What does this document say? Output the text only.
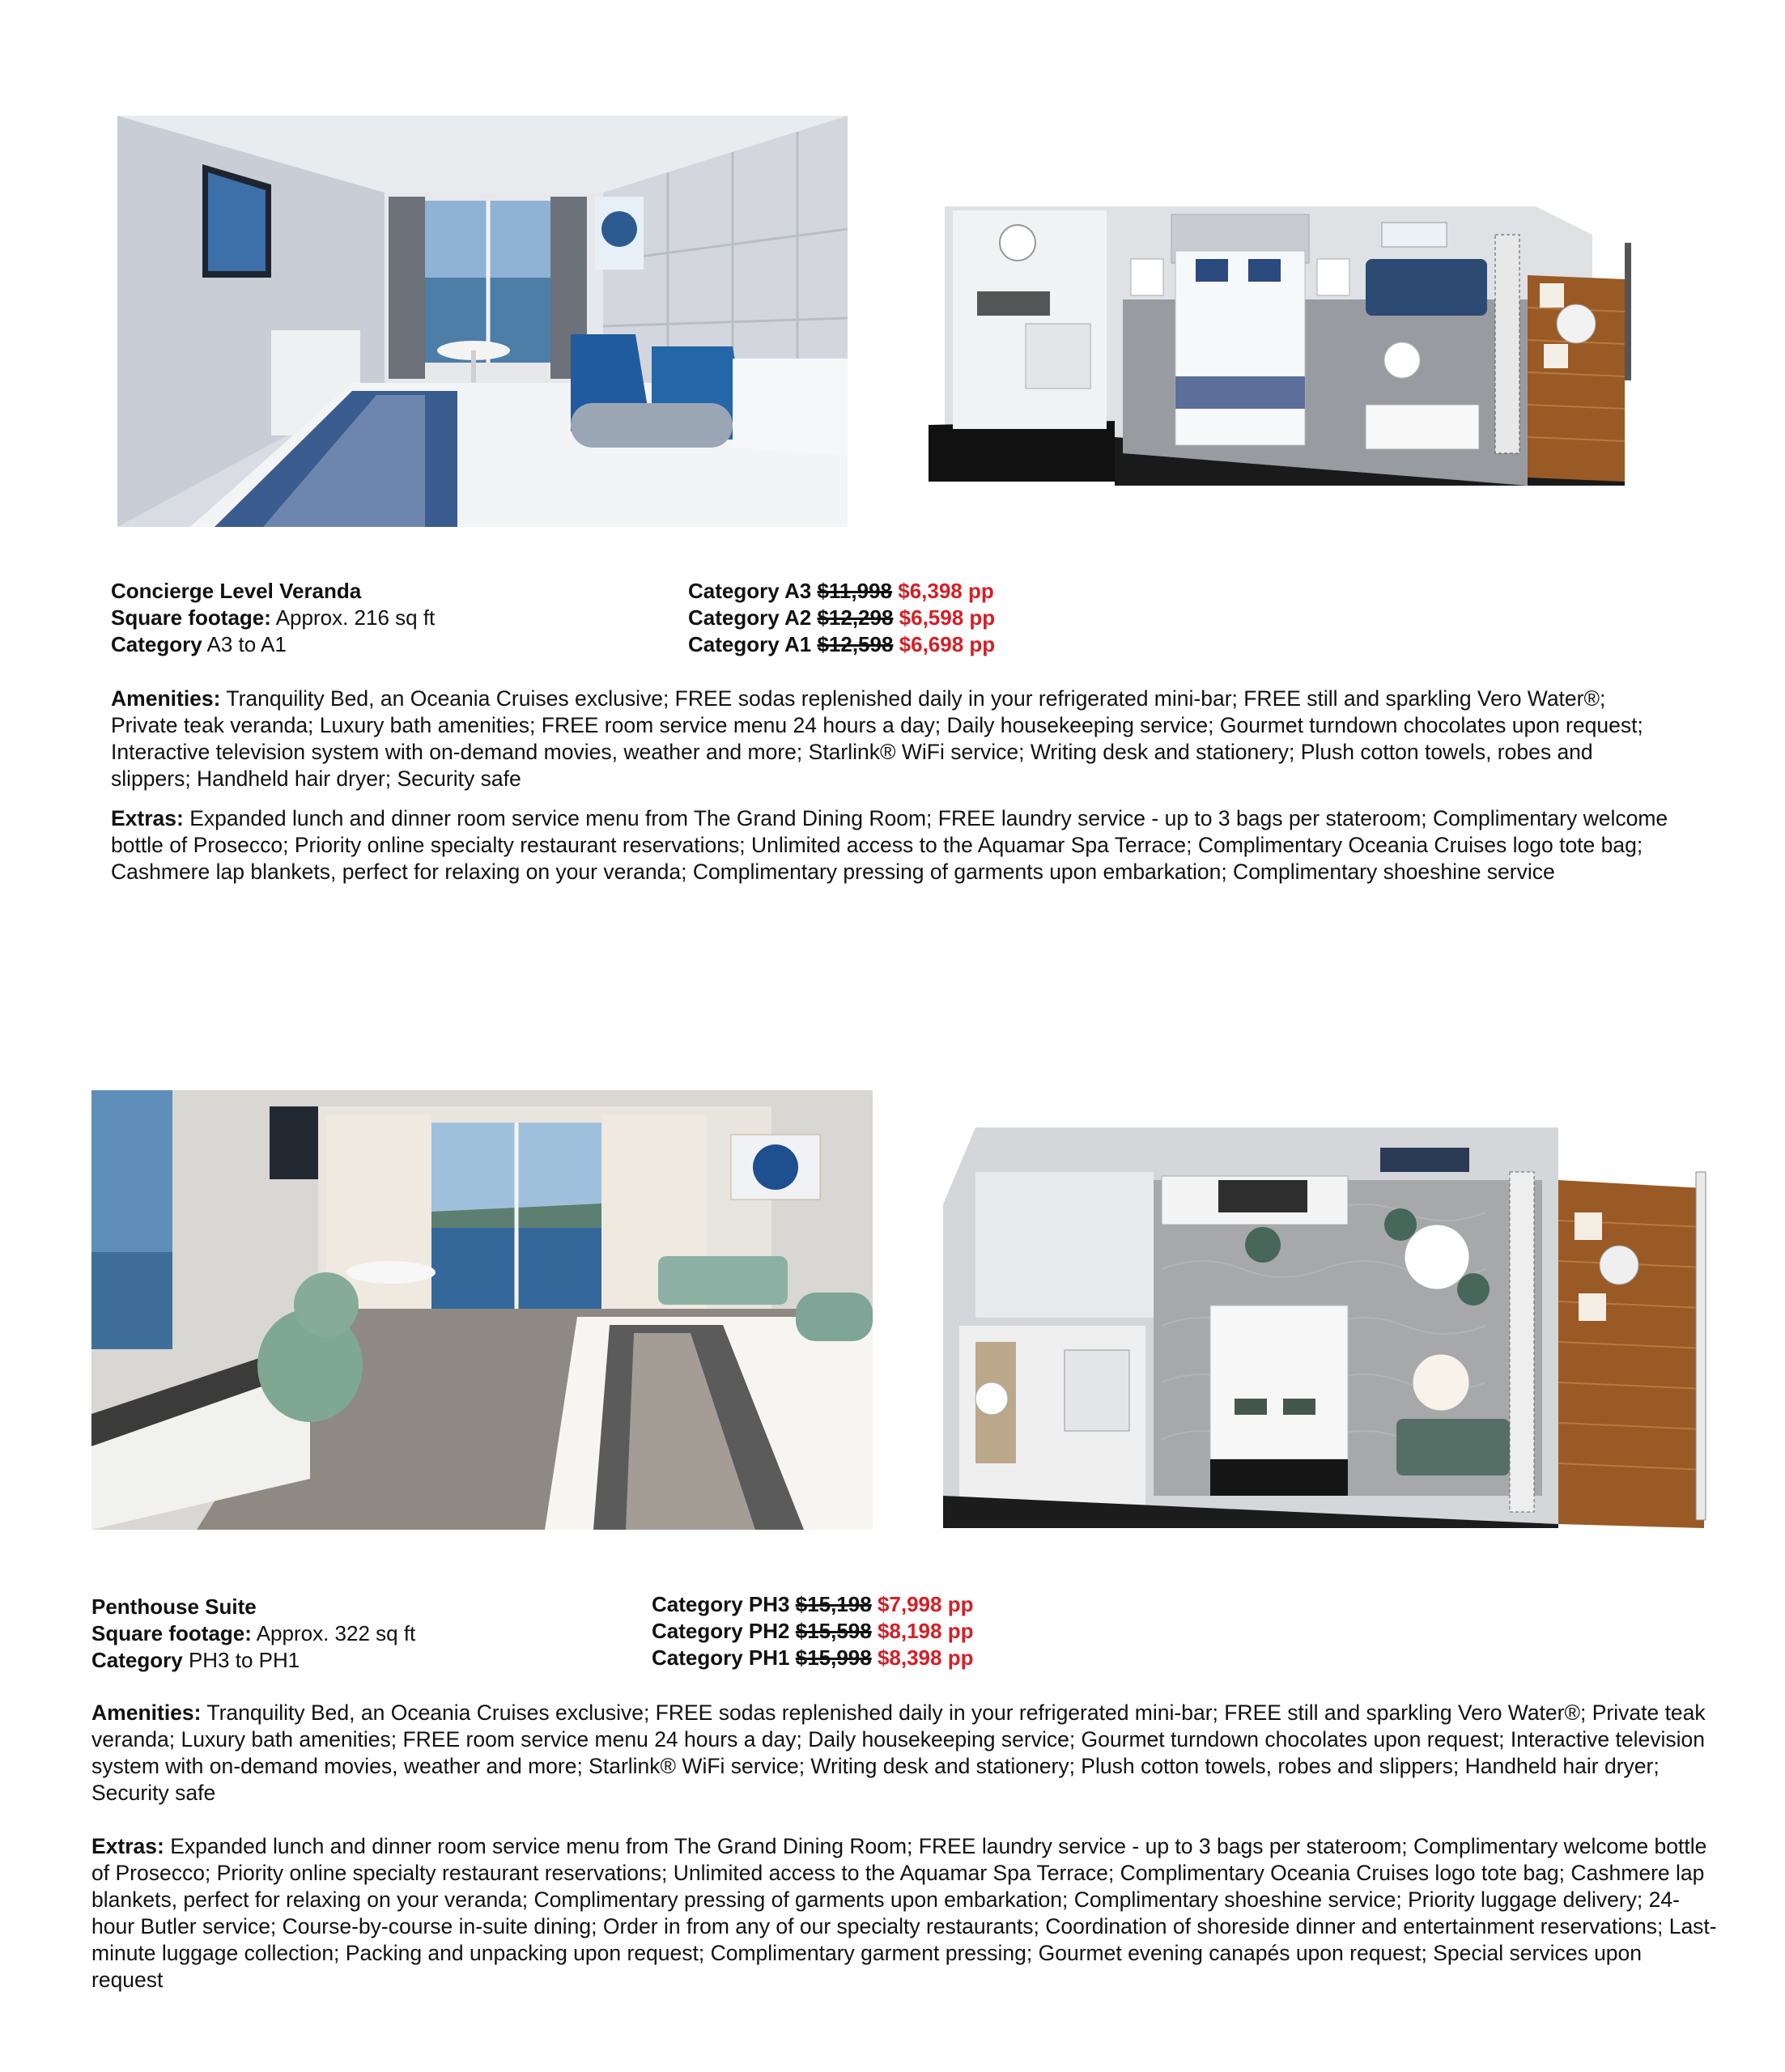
Concierge Level Veranda
Square footage: Approx. 216 sq ft
Category A3 to A1
Category A3 $11,998 $6,398 pp
Category A2 $12,298 $6,598 pp
Category A1 $12,598 $6,698 pp
Amenities: Tranquility Bed, an Oceania Cruises exclusive; FREE sodas replenished daily in your refrigerated mini-bar; FREE still and sparkling Vero Water®; Private teak veranda; Luxury bath amenities; FREE room service menu 24 hours a day; Daily housekeeping service; Gourmet turndown chocolates upon request; Interactive television system with on-demand movies, weather and more; Starlink® WiFi service; Writing desk and stationery; Plush cotton towels, robes and slippers; Handheld hair dryer; Security safe
Extras: Expanded lunch and dinner room service menu from The Grand Dining Room; FREE laundry service - up to 3 bags per stateroom; Complimentary welcome bottle of Prosecco; Priority online specialty restaurant reservations; Unlimited access to the Aquamar Spa Terrace; Complimentary Oceania Cruises logo tote bag; Cashmere lap blankets, perfect for relaxing on your veranda; Complimentary pressing of garments upon embarkation; Complimentary shoeshine service
Penthouse Suite
Square footage: Approx. 322 sq ft
Category PH3 to PH1
Category PH3 $15,198 $7,998 pp
Category PH2 $15,598 $8,198 pp
Category PH1 $15,998 $8,398 pp
Amenities: Tranquility Bed, an Oceania Cruises exclusive; FREE sodas replenished daily in your refrigerated mini-bar; FREE still and sparkling Vero Water®; Private teak veranda; Luxury bath amenities; FREE room service menu 24 hours a day; Daily housekeeping service; Gourmet turndown chocolates upon request; Interactive television system with on-demand movies, weather and more; Starlink® WiFi service; Writing desk and stationery; Plush cotton towels, robes and slippers; Handheld hair dryer; Security safe
Extras: Expanded lunch and dinner room service menu from The Grand Dining Room; FREE laundry service - up to 3 bags per stateroom; Complimentary welcome bottle of Prosecco; Priority online specialty restaurant reservations; Unlimited access to the Aquamar Spa Terrace; Complimentary Oceania Cruises logo tote bag; Cashmere lap blankets, perfect for relaxing on your veranda; Complimentary pressing of garments upon embarkation; Complimentary shoeshine service; Priority luggage delivery; 24-hour Butler service; Course-by-course in-suite dining; Order in from any of our specialty restaurants; Coordination of shoreside dinner and entertainment reservations; Last-minute luggage collection; Packing and unpacking upon request; Complimentary garment pressing; Gourmet evening canapés upon request; Special services upon request
